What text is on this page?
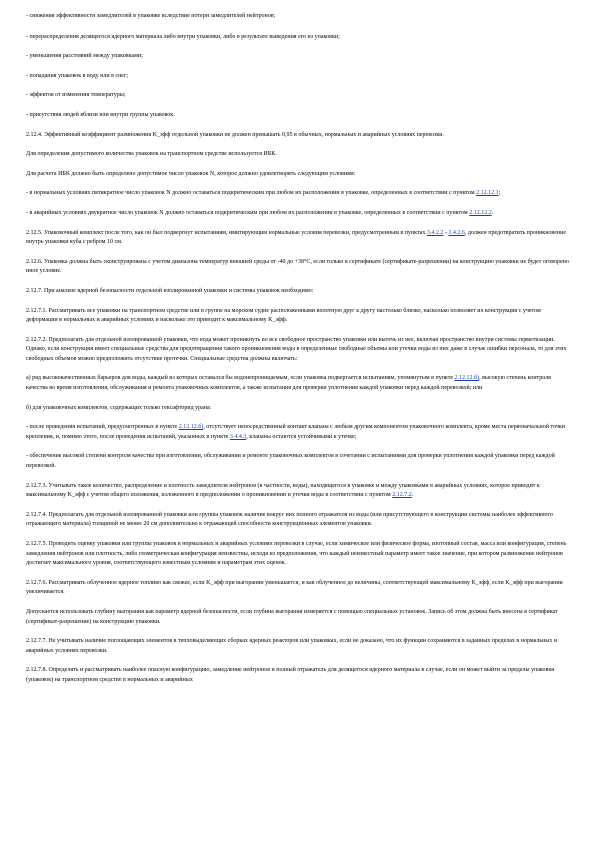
- снижения эффективности замедлителей в упаковке вследствие потери замедлителей нейтронов;

- перераспределения делящегося ядерного материала либо внутри упаковки, либо в результате выведения его из упаковки;

- уменьшения расстояний между упаковками;

- попадания упаковок в воду или в снег;

- эффектов от изменения температуры;

- присутствия людей вблизи или внутри группы упаковок.

2.12.4. Эффективный коэффициент размножения K_эфф отдельной упаковки не должен превышать 0,95 в обычных, нормальных и аварийных условиях перевозки.

Для определения допустимого количества упаковок на транспортном средстве используется ИБК.

Для расчета ИБК должно быть определено допустимое число упаковок N, которое должно удовлетворять следующим условиям:

- в нормальных условиях пятикратное число упаковок N должно оставаться подкритическим при любом их расположении в упаковке, определенных в соответствии с пунктом 2.12.12.1;

- в аварийных условиях двукратное число упаковок N должно оставаться подкритическим при любом их расположении в упаковке, определенных в соответствии с пунктом 2.12.12.2.

2.12.5. Упаковочный комплект после того, как он был подвергнут испытаниям, имитирующим нормальные условия перевозки, предусмотренным в пунктах 3.4.2.2 - 3.4.2.6, должен предотвратить проникновение внутрь упаковки куба с ребром 10 см.

2.12.6. Упаковка должна быть сконструирована с учетом диапазона температур внешней среды от -40 до +38°С, если только в сертификате (сертификате-разрешении) на конструкцию упаковки не будет оговорено иное условие.

2.12.7. При анализе ядерной безопасности отдельной изолированной упаковки и системы упаковок необходимо:

2.12.7.1. Рассматривать все упаковки на транспортном средстве или в группе на морском судне расположенными вплотную друг к другу настолько близко, насколько позволяет их конструкция с учетом деформации в нормальных и аварийных условиях и насколько это приводит к максимальному K_эфф.

2.12.7.2. Предполагать для отдельной изолированной упаковки, что вода может проникнуть во все свободное пространство упаковки или вытечь из нее, включая пространство внутри системы герметизации. Однако, если конструкция имеет специальные средства для предотвращения такого проникновения воды в определенные свободные объемы или утечки воды из них даже в случае ошибки персонала, то для этих свободных объемов можно предположить отсутствие протечки. Специальные средства должны включать:

а) ряд высококачественных барьеров для воды, каждый из которых оставался бы водонепроницаемым, если упаковка подвергается испытаниям, упомянутым в пункте 2.12.12.б), высокую степень контроля качества во время изготовления, обслуживания и ремонта упаковочных комплектов, а также испытания для проверки уплотнения каждой упаковки перед каждой перевозкой; или

б) для упаковочных комплектов, содержащих только гексафторид урана:

- после проведения испытаний, предусмотренных в пункте 2.12.12.б), отсутствует непосредственный контакт клапана с любым другим компонентом упаковочного комплекта, кроме места первоначальной точки крепления, и, помимо этого, после проведения испытаний, указанных в пункте 3.4.4.3, клапаны остаются устойчивыми к утечке;

- обеспечение высокой степени контроля качества при изготовлении, обслуживании и ремонте упаковочных комплектов в сочетании с испытаниями для проверки уплотнения каждой упаковки перед каждой перевозкой.

2.12.7.3. Учитывать такое количество, распределение и плотность замедлителя нейтронов (в частности, воды), находящегося в упаковке и между упаковками в аварийных условиях, которое приводит к максимальному K_эфф с учетом общего положения, изложенного в предположении о проникновении и утечки воды в соответствии с пунктом 2.12.7.2.

2.12.7.4. Предполагать для отдельной изолированной упаковки или группы упаковок наличие вокруг них полного отражателя из воды (или присутствующего в конструкции системы наиболее эффективного отражающего материала) толщиной не менее 20 см дополнительно к отражающей способности конструкционных элементов упаковки.

2.12.7.5. Проводить оценку упаковки или группы упаковок в нормальных и аварийных условиях перевозки в случае, если химическое или физическое форма, изотопный состав, масса или конфигурация, степень замедления нейтронов или плотность, либо геометрическая конфигурация неизвестны, исходя из предположения, что каждый неизвестный параметр имеет такое значение, при котором размножение нейтронов достигает максимального уровня, соответствующего известным условиям и параметрам этих оценок.

2.12.7.6. Рассматривать облученное ядерное топливо как свежее, если K_эфф при выгорании уменьшается, и как облученное до величины, соответствующей максимальному K_эфф, если K_эфф при выгорании увеличивается.

Допускается использовать глубину выгорания как параметр ядерной безопасности, если глубина выгорания измеряется с помощью специальных установок. Запись об этом должна быть внесена в сертификат (сертификат-разрешение) на конструкцию упаковки.

2.12.7.7. Не учитывать наличие поглощающих элементов в тепловыделяющих сборках ядерных реакторов или упаковках, если не доказано, что их функции сохраняются в заданных пределах в нормальных и аварийных условиях перевозки.

2.12.7.8. Определять и рассматривать наиболее опасную конфигурацию, замедление нейтронов и полный отражатель для делящегося ядерного материала в случае, если он может выйти за пределы упаковки (упаковок) на транспортном средстве в нормальных и аварийных
